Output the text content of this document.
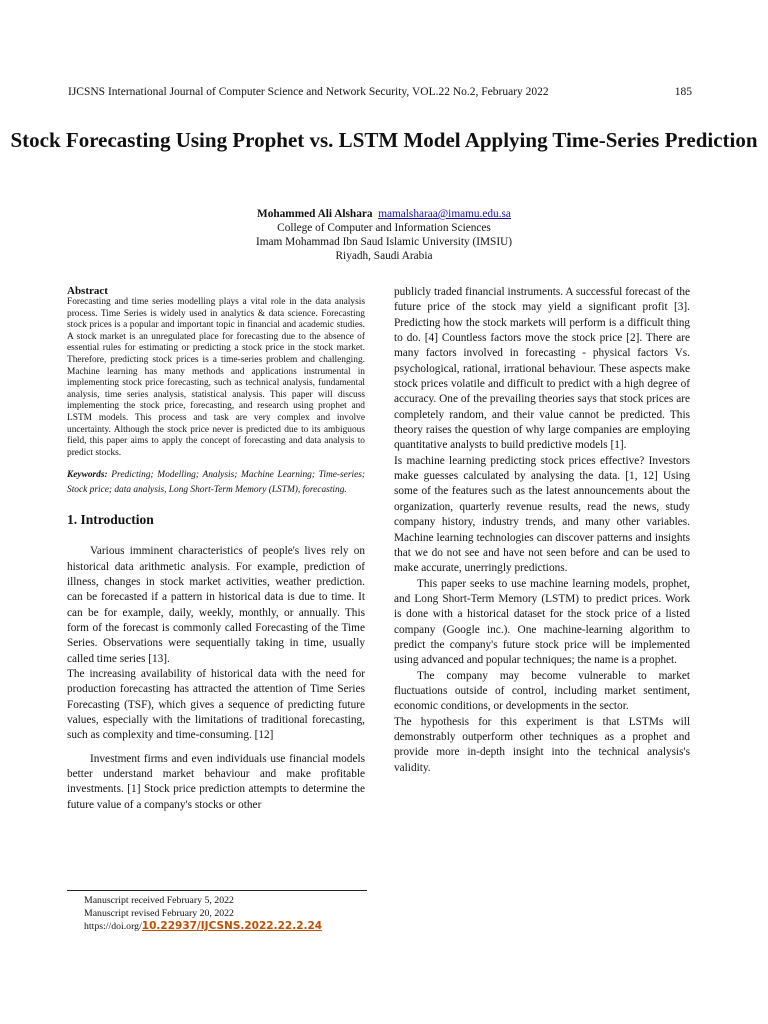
IJCSNS International Journal of Computer Science and Network Security, VOL.22 No.2, February 2022	185
Stock Forecasting Using Prophet vs. LSTM Model Applying Time-Series Prediction
Mohammed Ali Alshara mamalsharaa@imamu.edu.sa
College of Computer and Information Sciences
Imam Mohammad Ibn Saud Islamic University (IMSIU)
Riyadh, Saudi Arabia
Abstract
Forecasting and time series modelling plays a vital role in the data analysis process. Time Series is widely used in analytics & data science. Forecasting stock prices is a popular and important topic in financial and academic studies. A stock market is an unregulated place for forecasting due to the absence of essential rules for estimating or predicting a stock price in the stock market. Therefore, predicting stock prices is a time-series problem and challenging. Machine learning has many methods and applications instrumental in implementing stock price forecasting, such as technical analysis, fundamental analysis, time series analysis, statistical analysis. This paper will discuss implementing the stock price, forecasting, and research using prophet and LSTM models. This process and task are very complex and involve uncertainty. Although the stock price never is predicted due to its ambiguous field, this paper aims to apply the concept of forecasting and data analysis to predict stocks.
Keywords: Predicting; Modelling; Analysis; Machine Learning; Time-series; Stock price; data analysis, Long Short-Term Memory (LSTM), forecasting.
1. Introduction
Various imminent characteristics of people's lives rely on historical data arithmetic analysis. For example, prediction of illness, changes in stock market activities, weather prediction. can be forecasted if a pattern in historical data is due to time. It can be for example, daily, weekly, monthly, or annually. This form of the forecast is commonly called Forecasting of the Time Series. Observations were sequentially taking in time, usually called time series [13].
The increasing availability of historical data with the need for production forecasting has attracted the attention of Time Series Forecasting (TSF), which gives a sequence of predicting future values, especially with the limitations of traditional forecasting, such as complexity and time-consuming. [12]
Investment firms and even individuals use financial models better understand market behaviour and make profitable investments. [1] Stock price prediction attempts to determine the future value of a company's stocks or other
publicly traded financial instruments. A successful forecast of the future price of the stock may yield a significant profit [3]. Predicting how the stock markets will perform is a difficult thing to do. [4] Countless factors move the stock price [2]. There are many factors involved in forecasting - physical factors Vs. psychological, rational, irrational behaviour. These aspects make stock prices volatile and difficult to predict with a high degree of accuracy. One of the prevailing theories says that stock prices are completely random, and their value cannot be predicted. This theory raises the question of why large companies are employing quantitative analysts to build predictive models [1].
Is machine learning predicting stock prices effective? Investors make guesses calculated by analysing the data. [1, 12] Using some of the features such as the latest announcements about the organization, quarterly revenue results, read the news, study company history, industry trends, and many other variables. Machine learning technologies can discover patterns and insights that we do not see and have not seen before and can be used to make accurate, unerringly predictions.
This paper seeks to use machine learning models, prophet, and Long Short-Term Memory (LSTM) to predict prices. Work is done with a historical dataset for the stock price of a listed company (Google inc.). One machine-learning algorithm to predict the company's future stock price will be implemented using advanced and popular techniques; the name is a prophet.
The company may become vulnerable to market fluctuations outside of control, including market sentiment, economic conditions, or developments in the sector.
The hypothesis for this experiment is that LSTMs will demonstrably outperform other techniques as a prophet and provide more in-depth insight into the technical analysis's validity.
Manuscript received February 5, 2022
Manuscript revised February 20, 2022
https://doi.org/10.22937/IJCSNS.2022.22.2.24
